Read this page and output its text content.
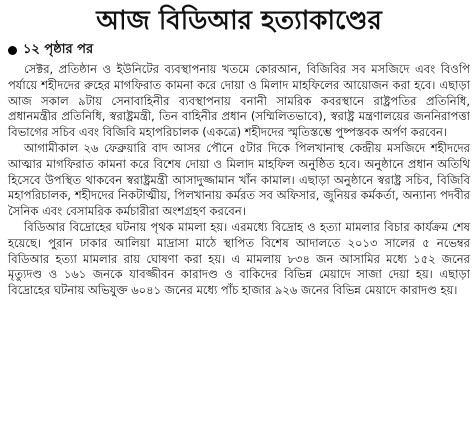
আজ বিডিআর হত্যাকাণ্ডের
১২ পৃষ্ঠার পর

সেক্টর, প্রতিষ্ঠান ও ইউনিটের ব্যবস্থাপনায় খতমে কোরআন, বিজিবির সব মসজিদে এবং বিওপি পর্যায়ে শহীদদের রুহের মাগফিরাত কামনা করে দোয়া ও মিলাদ মাহফিলের আয়োজন করা হবে। এছাড়া আজ সকাল ৯টায় সেনাবাহিনীর ব্যবস্থাপনায় বনানী সামরিক কবরস্থানে রাষ্ট্রপতির প্রতিনিধি, প্রধানমন্ত্রীর প্রতিনিধি, স্বরাষ্ট্রমন্ত্রী, তিন বাহিনীর প্রধান (সম্মিলিতভাবে), স্বরাষ্ট্র মন্ত্রণালয়ের জননিরাপত্তা বিভাগের সচিব এবং বিজিবি মহাপরিচালক (একত্রে) শহীদদের স্মৃতিস্তম্ভে পুষ্পস্তবক অর্পণ করবেন।

আগামীকাল ২৬ ফেব্রুয়ারি বাদ আসর পৌনে ৫টার দিকে পিলখানাস্থ কেন্দ্রীয় মসজিদে শহীদদের আত্মার মাগফিরাত কামনা করে বিশেষ দোয়া ও মিলাদ মাহফিল অনুষ্ঠিত হবে। অনুষ্ঠানে প্রধান অতিথি হিসেবে উপস্থিত থাকবেন স্বরাষ্ট্রমন্ত্রী আসাদুজ্জামান খাঁন কামাল। এছাড়া অনুষ্ঠানে স্বরাষ্ট্র সচিব, বিজিবি মহাপরিচালক, শহীদদের নিকটাত্মীয়, পিলখানায় কর্মরত সব অফিসার, জুনিয়র কর্মকর্তা, অন্যান্য পদবীর সৈনিক এবং বেসামরিক কর্মচারীরা অংশগ্রহণ করবেন।

বিডিআর বিদ্রোহের ঘটনায় পৃথক মামলা হয়। এরমধ্যে বিদ্রোহ ও হত্যা মামলার বিচার কার্যক্রম শেষ হয়েছে। পুরান ঢাকার আলিয়া মাদ্রাসা মাঠে স্থাপিত বিশেষ আদালতে ২০১৩ সালের ৫ নভেম্বর বিডিআর হত্যা মামলার রায় ঘোষণা করা হয়। এ মামলায় ৮৩৪ জন আসামির মধ্যে ১৫২ জনের মৃত্যুদণ্ড ও ১৬১ জনকে যাবজ্জীবন কারাদণ্ড ও বাকিদের বিভিন্ন মেয়াদে সাজা দেয়া হয়। এছাড়া বিদ্রোহের ঘটনায় অভিযুক্ত ৬০৪১ জনের মধ্যে পাঁচ হাজার ৯২৬ জনের বিভিন্ন মেয়াদে কারাদণ্ড হয়।
